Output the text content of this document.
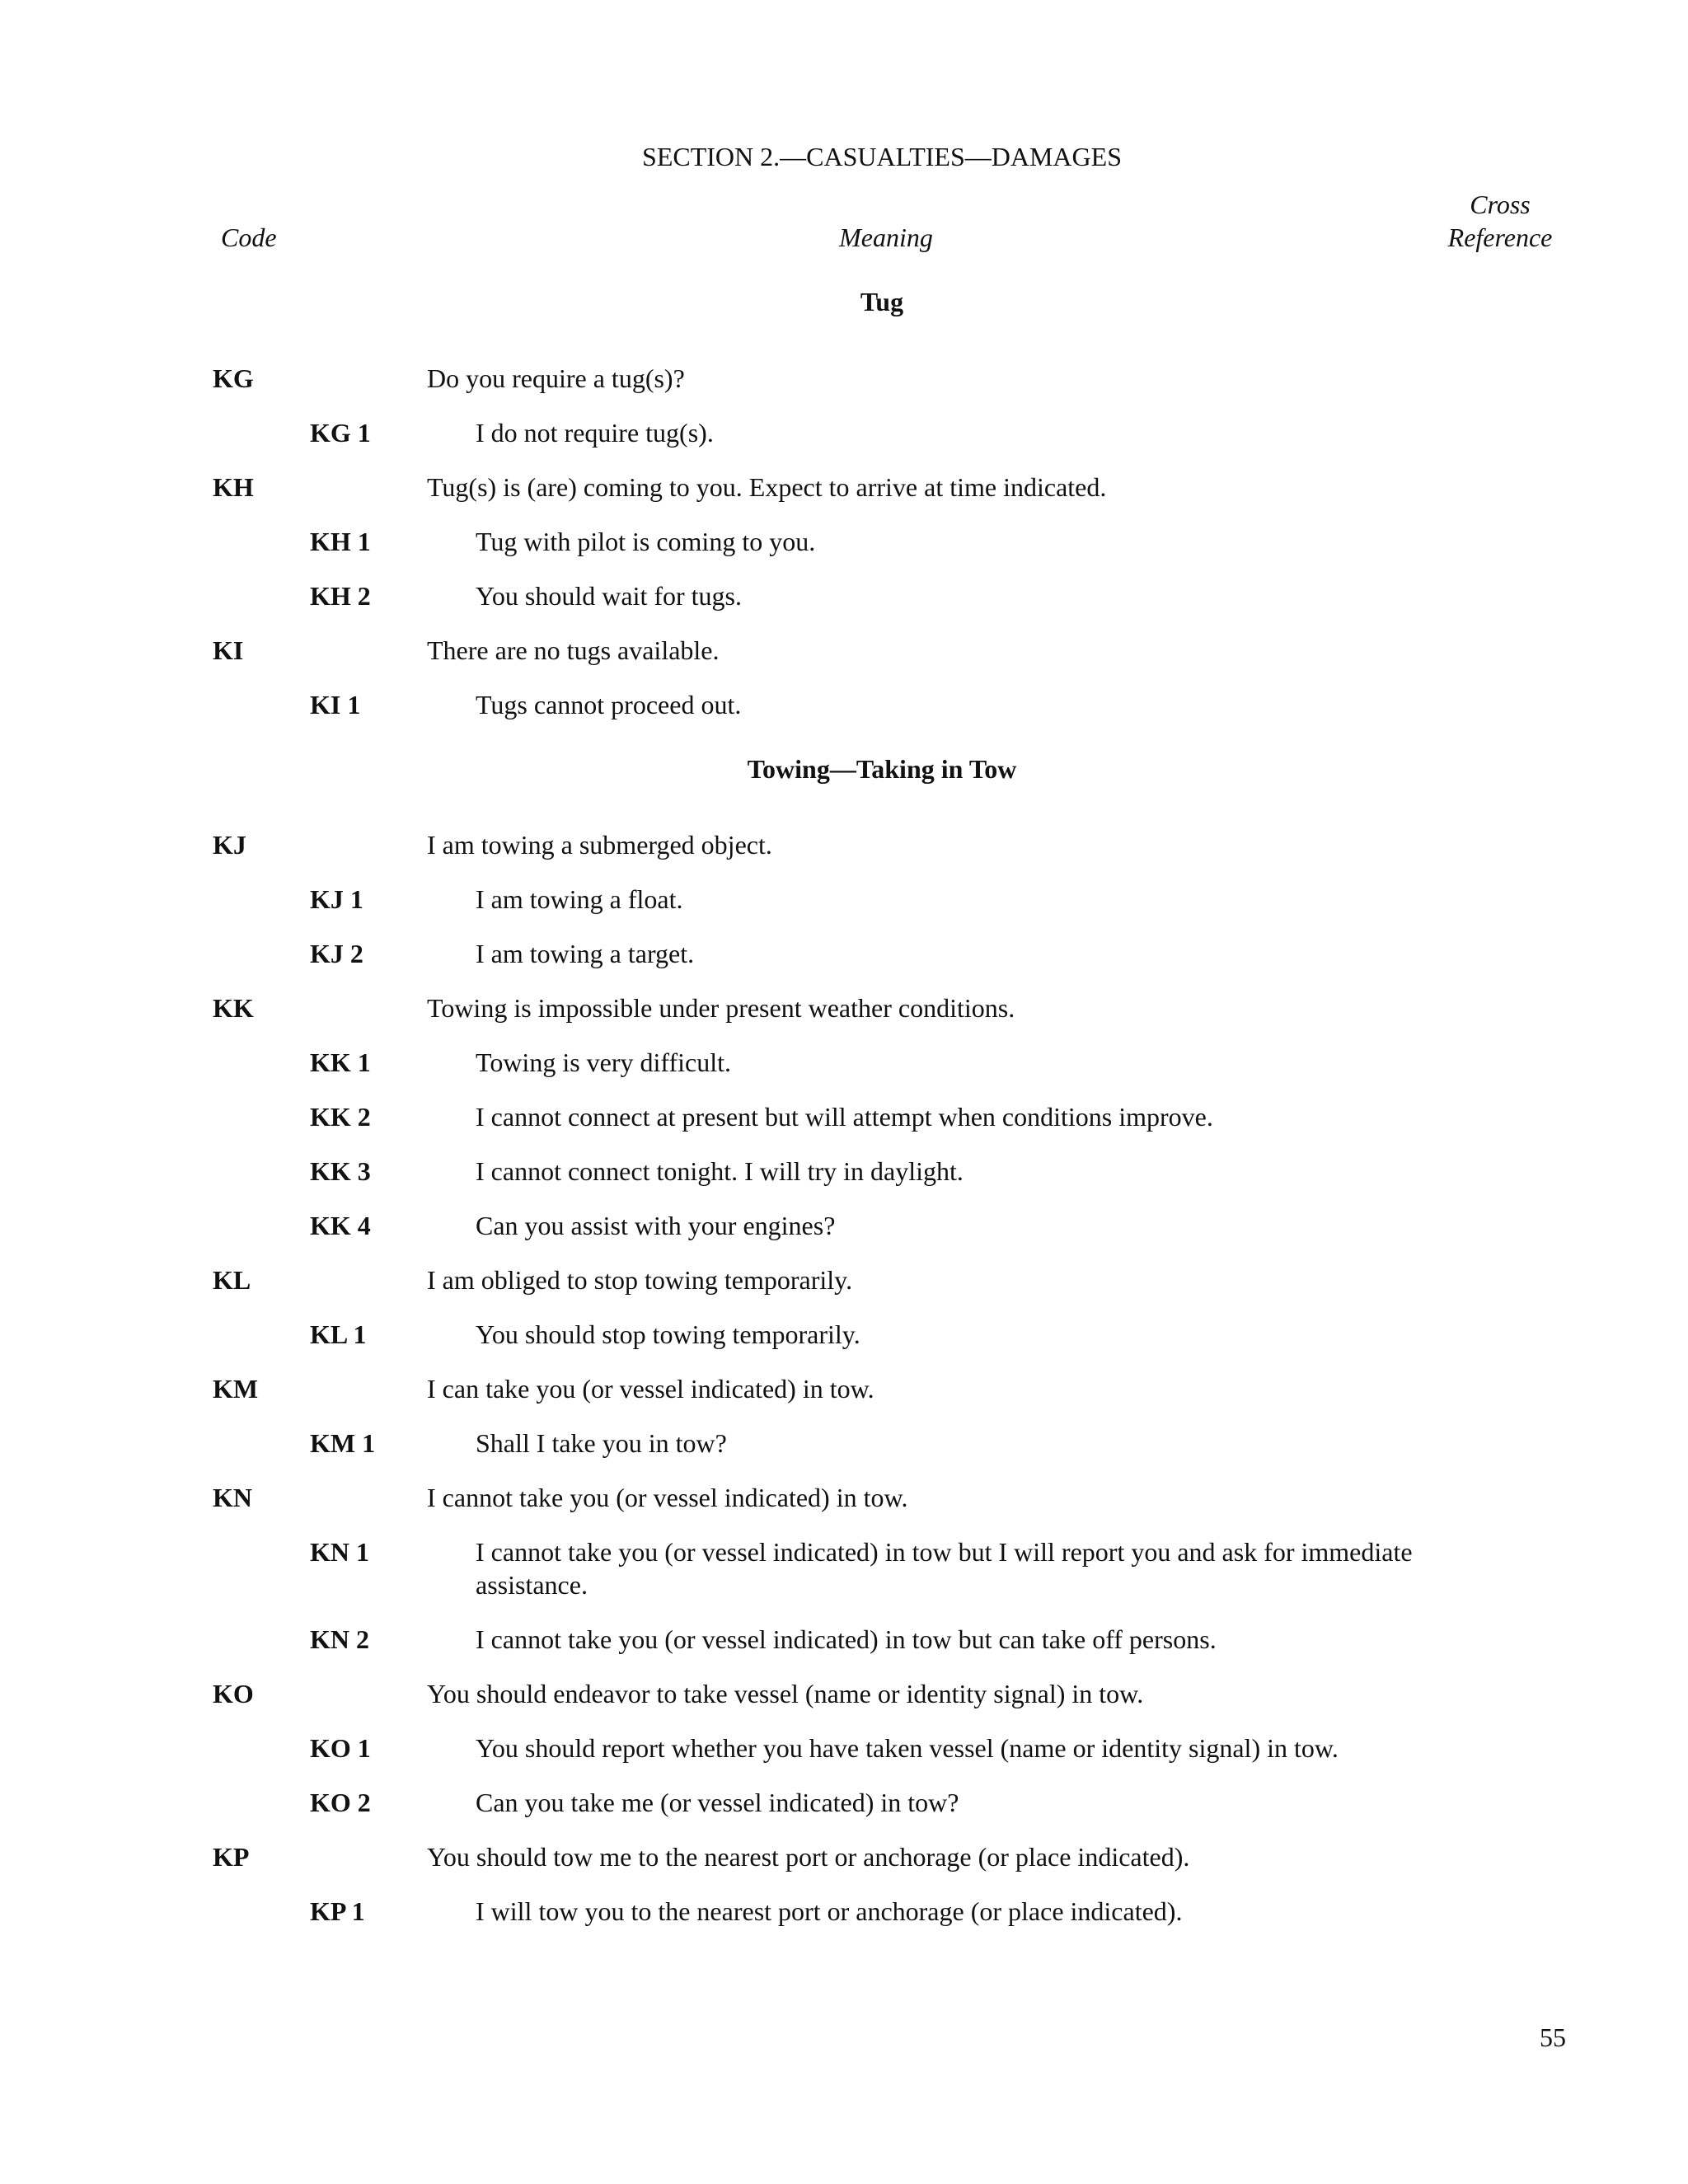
SECTION 2.—CASUALTIES—DAMAGES
Code	Meaning
Cross
Reference
Tug
KG	Do you require a tug(s)?
KG 1	I do not require tug(s).
KH	Tug(s) is (are) coming to you. Expect to arrive at time indicated.
KH 1	Tug with pilot is coming to you.
KH 2	You should wait for tugs.
KI	There are no tugs available.
KI 1	Tugs cannot proceed out.
Towing—Taking in Tow
KJ	I am towing a submerged object.
KJ 1	I am towing a float.
KJ 2	I am towing a target.
KK	Towing is impossible under present weather conditions.
KK 1	Towing is very difficult.
KK 2	I cannot connect at present but will attempt when conditions improve.
KK 3	I cannot connect tonight. I will try in daylight.
KK 4	Can you assist with your engines?
KL	I am obliged to stop towing temporarily.
KL 1	You should stop towing temporarily.
KM	I can take you (or vessel indicated) in tow.
KM 1	Shall I take you in tow?
KN	I cannot take you (or vessel indicated) in tow.
KN 1	I cannot take you (or vessel indicated) in tow but I will report you and ask for immediate assistance.
KN 2	I cannot take you (or vessel indicated) in tow but can take off persons.
KO	You should endeavor to take vessel (name or identity signal) in tow.
KO 1	You should report whether you have taken vessel (name or identity signal) in tow.
KO 2	Can you take me (or vessel indicated) in tow?
KP	You should tow me to the nearest port or anchorage (or place indicated).
KP 1	I will tow you to the nearest port or anchorage (or place indicated).
55
